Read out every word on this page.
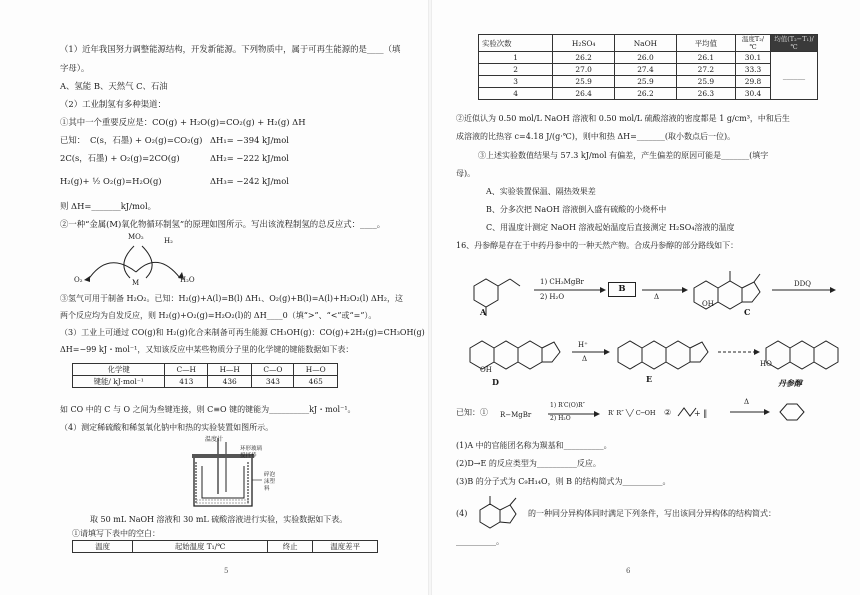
（1）近年我国努力调整能源结构，开发新能源。下列物质中，属于可再生能源的是____（填
字母）。
A、氢能 B、天然气 C、石油
（2）工业制氢有多种渠道：
①其中一个重要反应是：CO(g) + H₂O(g)=CO₂(g) + H₂(g) ΔH
已知： C(s，石墨) + O₂(g)=CO₂(g) ΔH₁= −394 kJ/mol
2C(s，石墨) + O₂(g)=2CO(g)	ΔH₂= −222 kJ/mol
H₂(g)+ ½ O₂(g)=H₂O(g)	ΔH₃= −242 kJ/mol
则 ΔH=_______kJ/mol。
②一种“金属(M)氧化物循环制氢”的原理如图所示。写出该流程制氢的总反应式：____。
MO₂	H₂
O₂	M	H₂O
③氢气可用于制备 H₂O₂。已知：H₂(g)+A(l)=B(l) ΔH₁、O₂(g)+B(l)=A(l)+H₂O₂(l) ΔH₂，这
两个反应均为自发反应，则 H₂(g)+O₂(g)=H₂O₂(l)的 ΔH____0（填“>”、“<”或“=”）。
（3）工业上可通过 CO(g)和 H₂(g)化合来制备可再生能源 CH₃OH(g)：CO(g)+2H₂(g)=CH₃OH(g)
ΔH=−99 kJ・mol⁻¹，又知该反应中某些物质分子里的化学键的键能数据如下表：
化学键	C—H	H—H	C—O	H—O
键能/ kJ·mol⁻¹	413	436	343	465
如 CO 中的 C 与 O 之间为叁键连接，则 C≡O 键的键能为__________kJ・mol⁻¹。
（4）测定稀硫酸和稀氢氧化钠中和热的实验装置如图所示。
温度计
环形玻璃搅拌棒
碎泡沫塑料
取 50 mL NaOH 溶液和 30 mL 硫酸溶液进行实验，实验数据如下表。
①请填写下表中的空白：
温度	起始温度 T₁/℃	终止	温度差平
5
实验次数	H₂SO₄	NaOH	平均值	温度T₂/℃	均值(T₂−T₁)/℃
1	26.2	26.0	26.1	30.1	______
2	27.0	27.4	27.2	33.3	
3	25.9	25.9	25.9	29.8	
4	26.4	26.2	26.3	30.4	
②近似认为 0.50 mol/L NaOH 溶液和 0.50 mol/L 硫酸溶液的密度都是 1 g/cm³，中和后生
成溶液的比热容 c=4.18 J/(g·℃)，则中和热 ΔH=_______(取小数点后一位)。
③上述实验数值结果与 57.3 kJ/mol 有偏差，产生偏差的原因可能是_______(填字
母)。
A、实验装置保温、隔热效果差
B、分多次把 NaOH 溶液倒入盛有硫酸的小烧杯中
C、用温度计测定 NaOH 溶液起始温度后直接测定 H₂SO₄溶液的温度
16、丹参醇是存在于中药丹参中的一种天然产物。合成丹参醇的部分路线如下：
1) CH₃MgBr
2) H₂O
B
Δ
DDQ
A
OH
C
H⁺
Δ
OH
HO
D	E	丹参醇
已知：① R−MgBr
1) R′C(O)R″
2) H₂O
R′ R″ ╲╱ C─OH ②	+ ‖
Δ
(1)A 中的官能团名称为羰基和__________。
(2)D→E 的反应类型为__________反应。
(3)B 的分子式为 C₉H₁₄O，则 B 的结构简式为__________。
(4)	的一种同分异构体同时满足下列条件，写出该同分异构体的结构简式：
__________。
6
